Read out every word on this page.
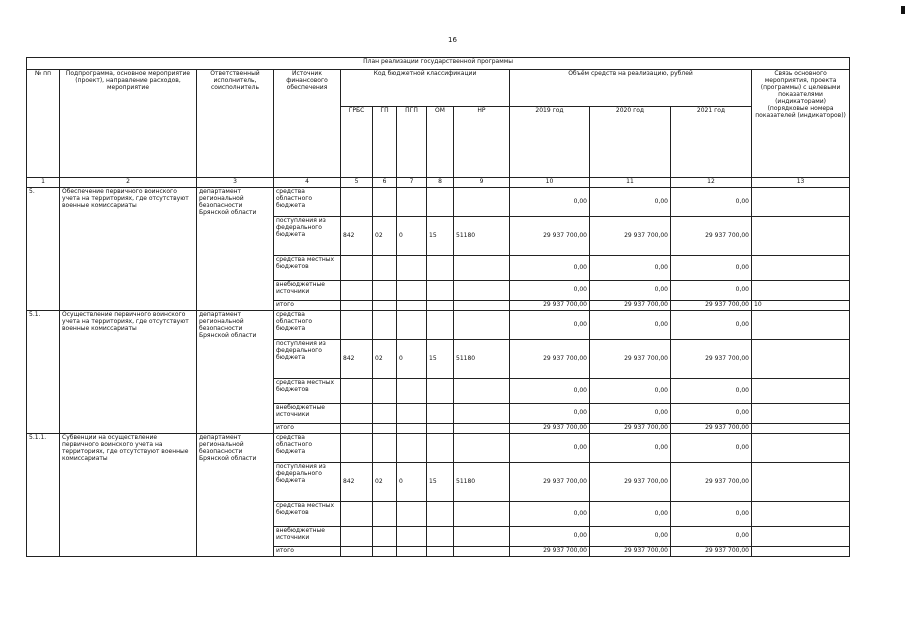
16
План реализации государственной программы												
№ пп	Подпрограмма, основное мероприятие (проект), направление расходов, мероприятие	Ответственный исполнитель, соисполнитель	Источник финансового обеспечения	Код бюджетной классификации					Объём средств на реализацию, рублей			Связь основного мероприятия, проекта (программы) с целевыми показателями (индикаторами) (порядковые номера показателей (индикаторов))
				ГРБС	ГП	ПГП	ОМ	НР	2019 год	2020 год	2021 год	
1	2	3	4	5	6	7	8	9	10	11	12	13
5.	Обеспечение первичного воинского учета на территориях, где отсутствуют военные комиссариаты	департамент региональной безопасности Брянской области	средства областного бюджета						0,00	0,00	0,00	
			поступления из федерального бюджета	842	02	0	15	51180	29 937 700,00	29 937 700,00	29 937 700,00	
			средства местных бюджетов						0,00	0,00	0,00	
			внебюджетные источники						0,00	0,00	0,00	
			итого						29 937 700,00	29 937 700,00	29 937 700,00	10
5.1.	Осуществление первичного воинского учета на территориях, где отсутствуют военные комиссариаты	департамент региональной безопасности Брянской области	средства областного бюджета						0,00	0,00	0,00	
			поступления из федерального бюджета	842	02	0	15	51180	29 937 700,00	29 937 700,00	29 937 700,00	
			средства местных бюджетов						0,00	0,00	0,00	
			внебюджетные источники						0,00	0,00	0,00	
			итого						29 937 700,00	29 937 700,00	29 937 700,00	
5.1.1.	Субвенции на осуществление первичного воинского учета на территориях, где отсутствуют военные комиссариаты	департамент региональной безопасности Брянской области	средства областного бюджета						0,00	0,00	0,00	
			поступления из федерального бюджета	842	02	0	15	51180	29 937 700,00	29 937 700,00	29 937 700,00	
			средства местных бюджетов						0,00	0,00	0,00	
			внебюджетные источники						0,00	0,00	0,00	
			итого						29 937 700,00	29 937 700,00	29 937 700,00	
